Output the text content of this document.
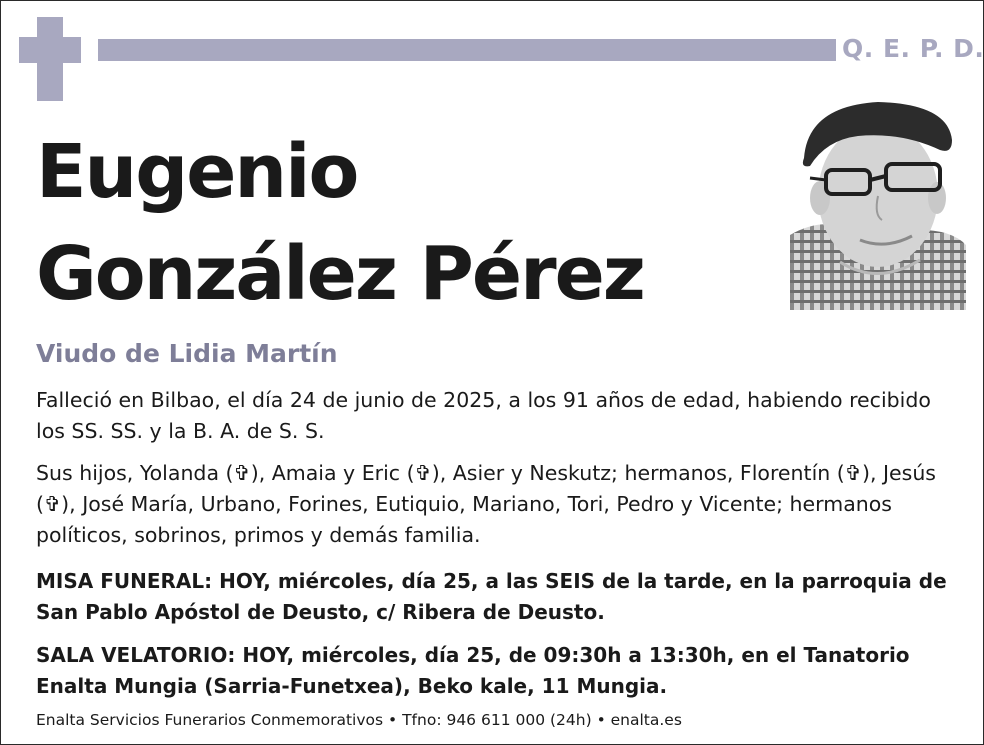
Q. E. P. D.
Eugenio
González Pérez
Viudo de Lidia Martín
Falleció en Bilbao, el día 24 de junio de 2025, a los 91 años de edad, habiendo recibido los SS. SS. y la B. A. de S. S.
Sus hijos, Yolanda (✞), Amaia y Eric (✞), Asier y Neskutz; hermanos, Florentín (✞), Jesús (✞), José María, Urbano, Forines, Eutiquio, Mariano, Tori, Pedro y Vicente; hermanos políticos, sobrinos, primos y demás familia.
MISA FUNERAL: HOY, miércoles, día 25, a las SEIS de la tarde, en la parroquia de San Pablo Apóstol de Deusto, c/ Ribera de Deusto.
SALA VELATORIO: HOY, miércoles, día 25, de 09:30h a 13:30h, en el Tanatorio Enalta Mungia (Sarria-Funetxea), Beko kale, 11 Mungia.
Enalta Servicios Funerarios Conmemorativos • Tfno: 946 611 000 (24h) • enalta.es
